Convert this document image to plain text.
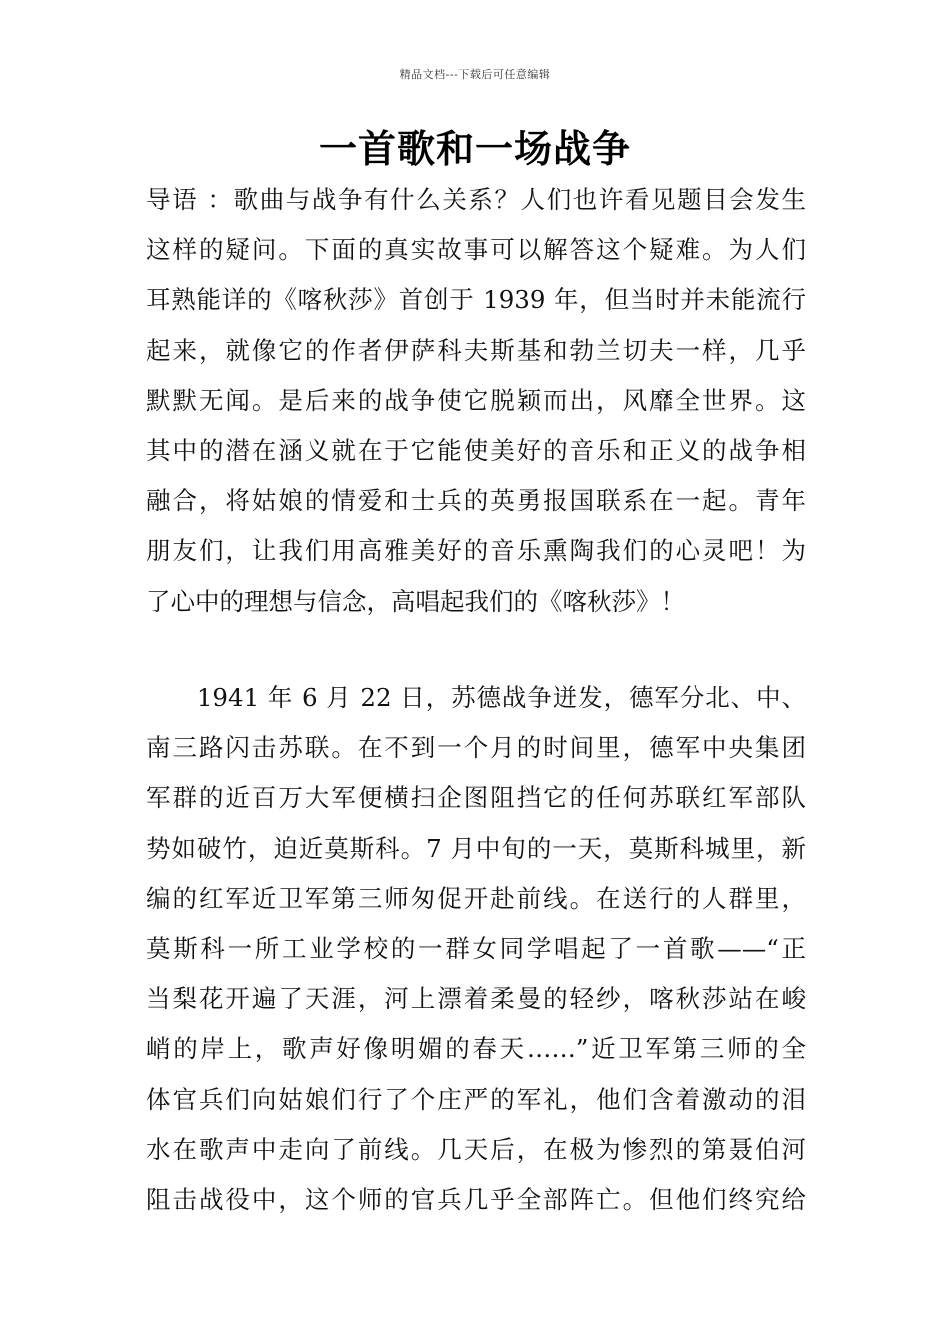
精品文档---下载后可任意编辑
一首歌和一场战争
导语 ：歌曲与战争有什么关系？人们也许看见题目会发生
这样的疑问。下面的真实故事可以解答这个疑难。为人们
耳熟能详的《喀秋莎》首创于 1939 年，但当时并未能流行
起来，就像它的作者伊萨科夫斯基和勃兰切夫一样，几乎
默默无闻。是后来的战争使它脱颖而出，风靡全世界。这
其中的潜在涵义就在于它能使美好的音乐和正义的战争相
融合，将姑娘的情爱和士兵的英勇报国联系在一起。青年
朋友们，让我们用高雅美好的音乐熏陶我们的心灵吧！为
了心中的理想与信念，高唱起我们的《喀秋莎》！
　　1941 年 6 月 22 日，苏德战争迸发，德军分北、中、
南三路闪击苏联。在不到一个月的时间里，德军中央集团
军群的近百万大军便横扫企图阻挡它的任何苏联红军部队
势如破竹，迫近莫斯科。7 月中旬的一天，莫斯科城里，新
编的红军近卫军第三师匆促开赴前线。在送行的人群里，
莫斯科一所工业学校的一群女同学唱起了一首歌——“正
当梨花开遍了天涯，河上漂着柔曼的轻纱，喀秋莎站在峻
峭的岸上，歌声好像明媚的春天……”近卫军第三师的全
体官兵们向姑娘们行了个庄严的军礼，他们含着激动的泪
水在歌声中走向了前线。几天后，在极为惨烈的第聂伯河
阻击战役中，这个师的官兵几乎全部阵亡。但他们终究给
